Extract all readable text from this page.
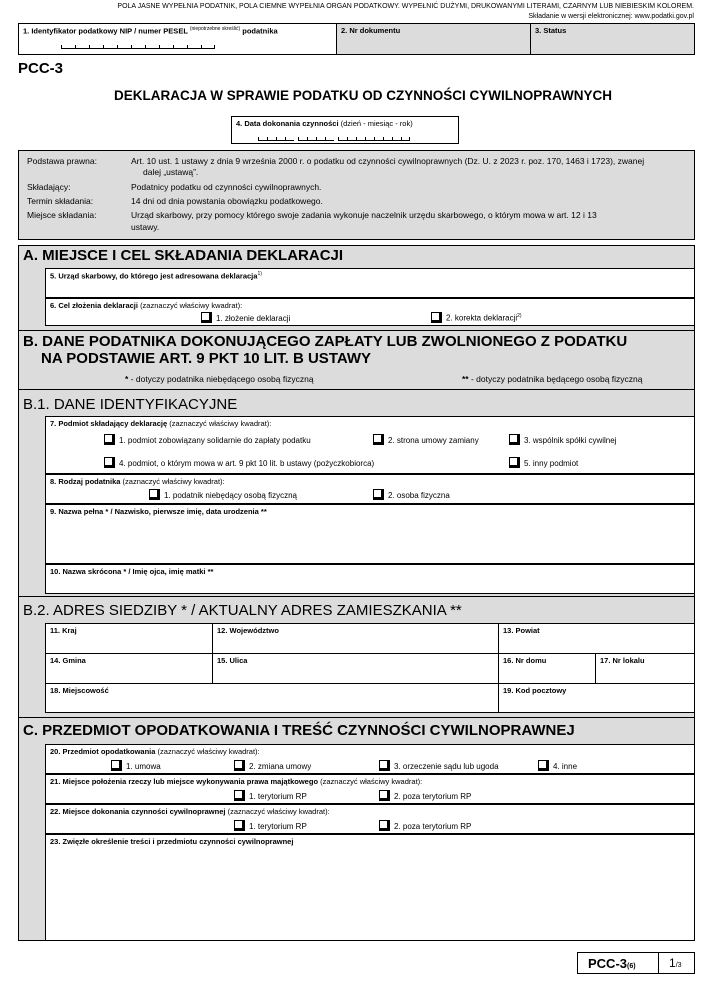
POLA JASNE WYPEŁNIA PODATNIK, POLA CIEMNE WYPEŁNIA ORGAN PODATKOWY. WYPEŁNIĆ DUŻYMI, DRUKOWANYMI LITERAMI, CZARNYM LUB NIEBIESKIM KOLOREM.
Składanie w wersji elektronicznej: www.podatki.gov.pl
1. Identyfikator podatkowy NIP / numer PESEL $^{(niepotrzebne skreślić)}$ podatnika	2. Nr dokumentu	3. Status
PCC-3
DEKLARACJA W SPRAWIE PODATKU OD CZYNNOŚCI CYWILNOPRAWNYCH
4. Data dokonania czynności (dzień - miesiąc - rok)
Podstawa prawna:	Art. 10 ust. 1 ustawy z dnia 9 września 2000 r. o podatku od czynności cywilnoprawnych (Dz. U. z 2023 r. poz. 170, 1463 i 1723), zwanej
dalej „ustawą”.
Składający:	Podatnicy podatku od czynności cywilnoprawnych.
Termin składania:	14 dni od dnia powstania obowiązku podatkowego.
Miejsce składania:	Urząd skarbowy, przy pomocy którego swoje zadania wykonuje naczelnik urzędu skarbowego, o którym mowa w art. 12 i 13
ustawy.
A. MIEJSCE I CEL SKŁADANIA DEKLARACJI
5. Urząd skarbowy, do którego jest adresowana deklaracja$^{1)}$
6. Cel złożenia deklaracji (zaznaczyć właściwy kwadrat):
1. złożenie deklaracji	2. korekta deklaracji$^{2)}$
B. DANE PODATNIKA DOKONUJĄCEGO ZAPŁATY LUB ZWOLNIONEGO Z PODATKU
NA PODSTAWIE ART. 9 PKT 10 LIT. B USTAWY
* - dotyczy podatnika niebędącego osobą fizyczną	** - dotyczy podatnika będącego osobą fizyczną
B.1. DANE IDENTYFIKACYJNE
7. Podmiot składający deklarację (zaznaczyć właściwy kwadrat):
1. podmiot zobowiązany solidarnie do zapłaty podatku	2. strona umowy zamiany	3. wspólnik spółki cywilnej
4. podmiot, o którym mowa w art. 9 pkt 10 lit. b ustawy (pożyczkobiorca)	5. inny podmiot
8. Rodzaj podatnika (zaznaczyć właściwy kwadrat):
1. podatnik niebędący osobą fizyczną	2. osoba fizyczna
9. Nazwa pełna * / Nazwisko, pierwsze imię, data urodzenia **
10. Nazwa skrócona * / Imię ojca, imię matki **
B.2. ADRES SIEDZIBY * / AKTUALNY ADRES ZAMIESZKANIA **
11. Kraj	12. Województwo	13. Powiat
14. Gmina	15. Ulica	16. Nr domu	17. Nr lokalu
18. Miejscowość	19. Kod pocztowy
C. PRZEDMIOT OPODATKOWANIA I TREŚĆ CZYNNOŚCI CYWILNOPRAWNEJ
20. Przedmiot opodatkowania (zaznaczyć właściwy kwadrat):
1. umowa	2. zmiana umowy	3. orzeczenie sądu lub ugoda	4. inne
21. Miejsce położenia rzeczy lub miejsce wykonywania prawa majątkowego (zaznaczyć właściwy kwadrat):
1. terytorium RP	2. poza terytorium RP
22. Miejsce dokonania czynności cywilnoprawnej (zaznaczyć właściwy kwadrat):
1. terytorium RP	2. poza terytorium RP
23. Zwięzłe określenie treści i przedmiotu czynności cywilnoprawnej
PCC-3(6)	1/3
